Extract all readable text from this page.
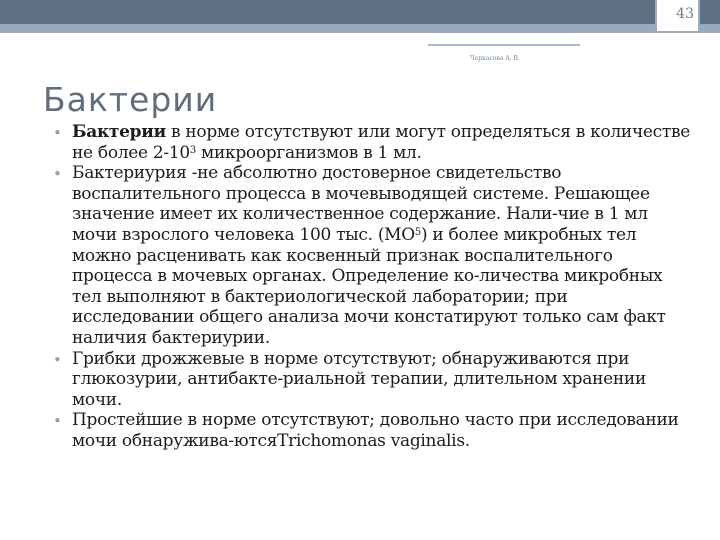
43
Черкасова А. В.
Бактерии
• Бактерии в норме отсутствуют или могут определяться в количестве не более $2-10^3$ микроорганизмов в 1 мл.
• Бактериурия -не абсолютно достоверное свидетельство воспалительного процесса в мочевыводящей системе. Решающее значение имеет их количественное содержание. Нали-чие в 1 мл мочи взрослого человека 100 тыс. $(МО^5)$ и более микробных тел можно расценивать как косвенный признак воспалительного процесса в мочевых органах. Определение ко-личества микробных тел выполняют в бактериологической лаборатории; при исследовании общего анализа мочи констатируют только сам факт наличия бактериурии.
• Грибки дрожжевые в норме отсутствуют; обнаруживаются при глюкозурии, антибакте-риальной терапии, длительном хранении мочи.
• Простейшие в норме отсутствуют; довольно часто при исследовании мочи обнаружива-ютсяTrichomonas vaginalis.
